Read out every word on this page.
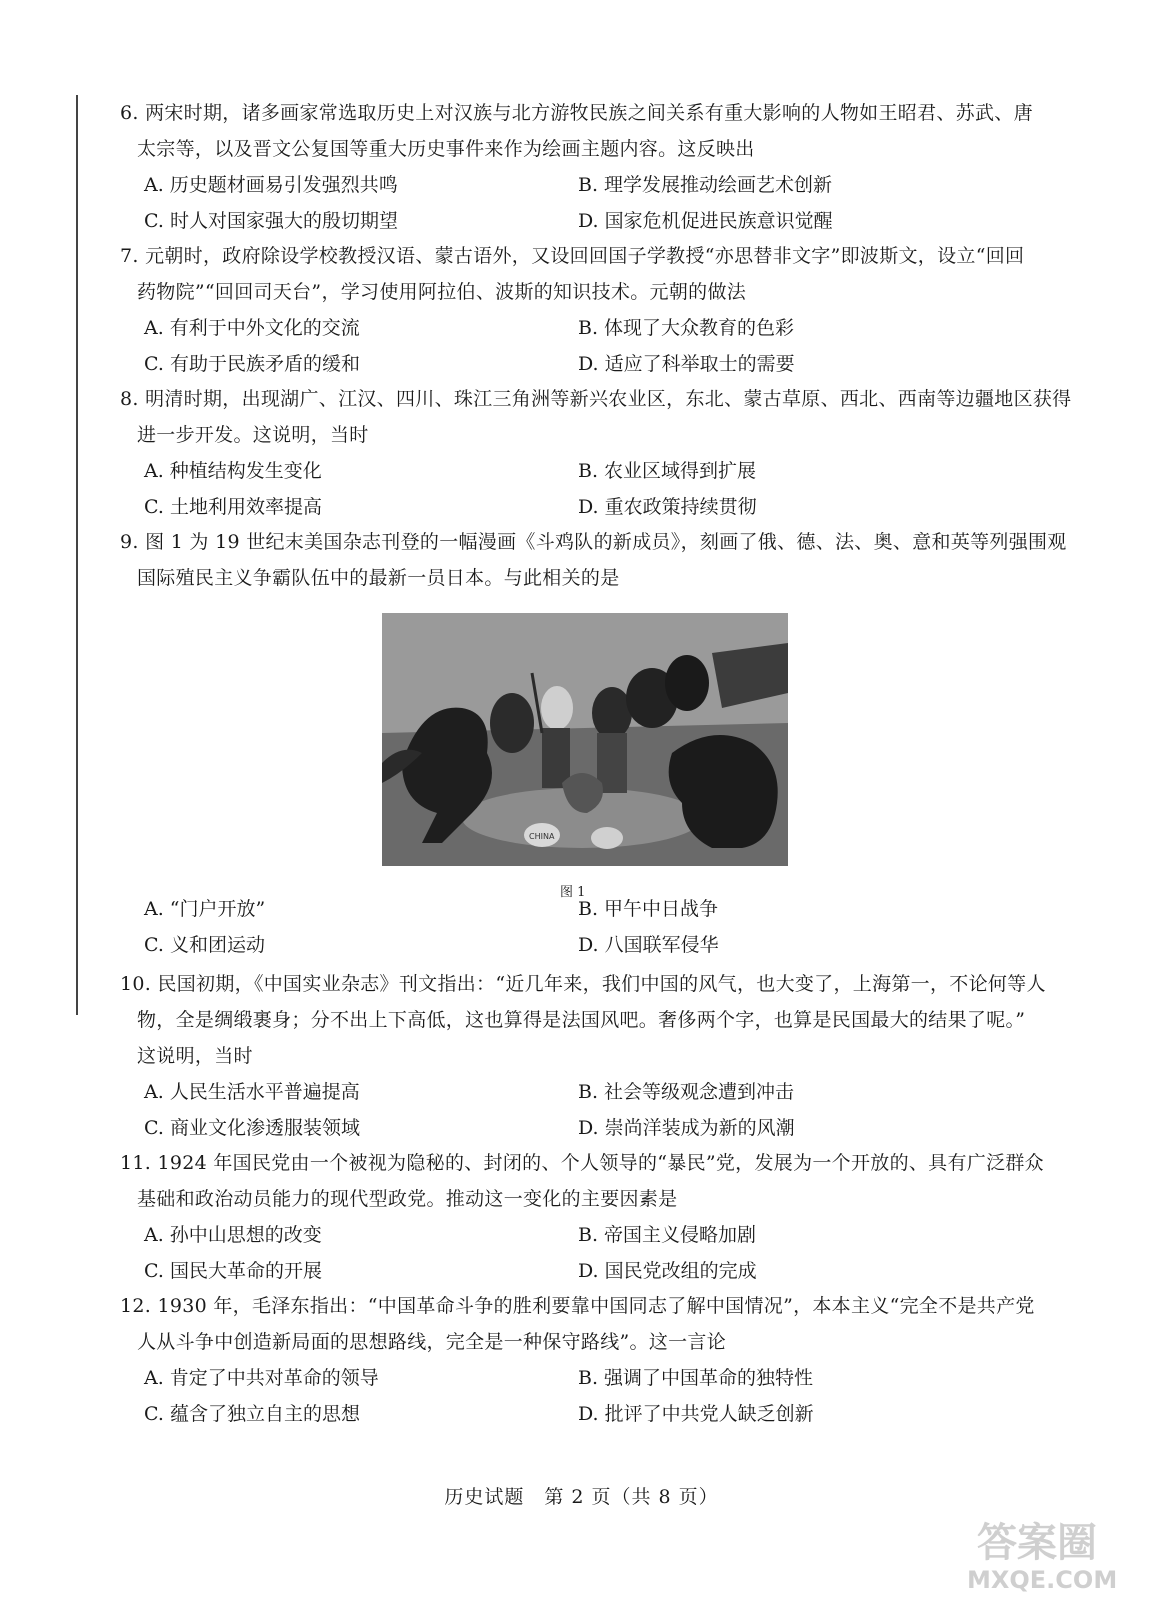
6. 两宋时期，诸多画家常选取历史上对汉族与北方游牧民族之间关系有重大影响的人物如王昭君、苏武、唐
太宗等，以及晋文公复国等重大历史事件来作为绘画主题内容。这反映出
A. 历史题材画易引发强烈共鸣	B. 理学发展推动绘画艺术创新
C. 时人对国家强大的殷切期望	D. 国家危机促进民族意识觉醒
7. 元朝时，政府除设学校教授汉语、蒙古语外，又设回回国子学教授“亦思替非文字”即波斯文，设立“回回
药物院”“回回司天台”，学习使用阿拉伯、波斯的知识技术。元朝的做法
A. 有利于中外文化的交流	B. 体现了大众教育的色彩
C. 有助于民族矛盾的缓和	D. 适应了科举取士的需要
8. 明清时期，出现湖广、江汉、四川、珠江三角洲等新兴农业区，东北、蒙古草原、西北、西南等边疆地区获得
进一步开发。这说明，当时
A. 种植结构发生变化	B. 农业区域得到扩展
C. 土地利用效率提高	D. 重农政策持续贯彻
9. 图 1 为 19 世纪末美国杂志刊登的一幅漫画《斗鸡队的新成员》，刻画了俄、德、法、奥、意和英等列强围观
国际殖民主义争霸队伍中的最新一员日本。与此相关的是
CHINA
图 1
A. “门户开放”	B. 甲午中日战争
C. 义和团运动	D. 八国联军侵华
10. 民国初期，《中国实业杂志》刊文指出：“近几年来，我们中国的风气，也大变了，上海第一，不论何等人
物，全是绸缎裹身；分不出上下高低，这也算得是法国风吧。奢侈两个字，也算是民国最大的结果了呢。”
这说明，当时
A. 人民生活水平普遍提高	B. 社会等级观念遭到冲击
C. 商业文化渗透服装领域	D. 崇尚洋装成为新的风潮
11. 1924 年国民党由一个被视为隐秘的、封闭的、个人领导的“暴民”党，发展为一个开放的、具有广泛群众
基础和政治动员能力的现代型政党。推动这一变化的主要因素是
A. 孙中山思想的改变	B. 帝国主义侵略加剧
C. 国民大革命的开展	D. 国民党改组的完成
12. 1930 年，毛泽东指出：“中国革命斗争的胜利要靠中国同志了解中国情况”，本本主义“完全不是共产党
人从斗争中创造新局面的思想路线，完全是一种保守路线”。这一言论
A. 肯定了中共对革命的领导	B. 强调了中国革命的独特性
C. 蕴含了独立自主的思想	D. 批评了中共党人缺乏创新
历史试题　第 2 页（共 8 页）
答案圈
MXQE.COM
